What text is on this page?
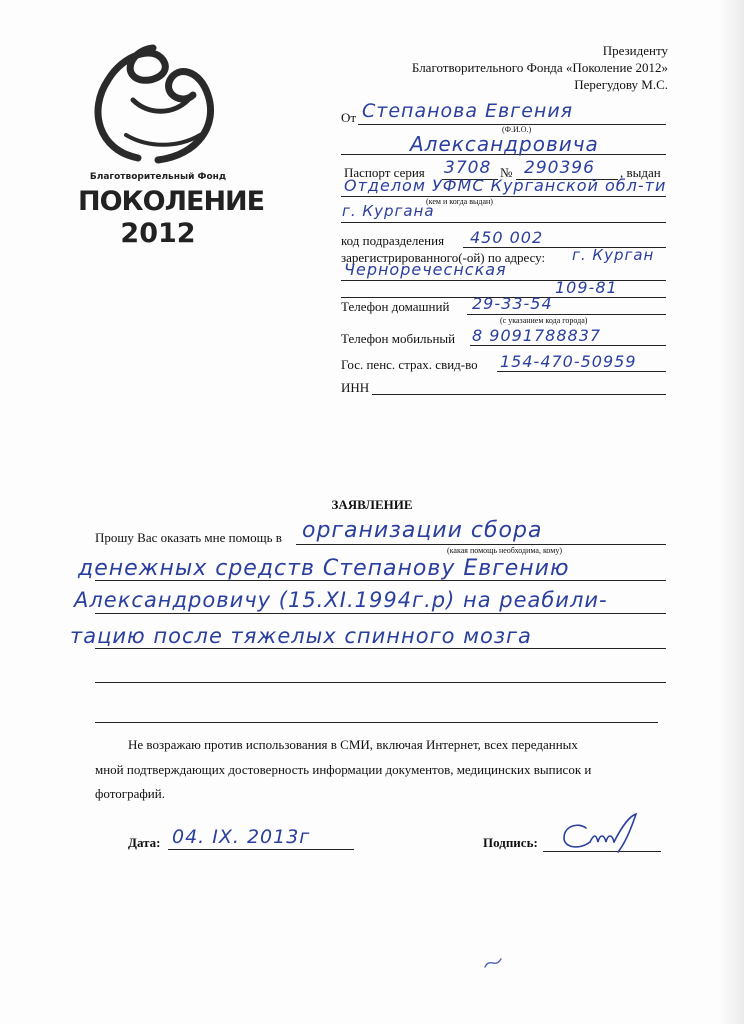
Благотворительный Фонд
ПОКОЛЕНИЕ
2012
Президенту
Благотворительного Фонда «Поколение 2012»
Перегудову М.С.
От Степанова Евгения
(Ф.И.О.)
Александровича
Паспорт серия 3708 № 290396 , выдан
Отделом УФМС Курганской обл-ти
(кем и когда выдан)
г. Кургана
код подразделения 450 002
зарегистрированного(-ой) по адресу: г. Курган
Черноречеснская
109-81
Телефон домашний 29-33-54
(с указанием кода города)
Телефон мобильный 8 9091788837
Гос. пенс. страх. свид-во 154-470-50959
ИНН
ЗАЯВЛЕНИЕ
Прошу Вас оказать мне помощь в организации сбора
(какая помощь необходима, кому)
денежных средств Степанову Евгению
Александровичу (15.XI.1994г.р) на реабили-
тацию после тяжелых спинного мозга
Не возражаю против использования в СМИ, включая Интернет, всех переданных
мной подтверждающих достоверность информации документов, медицинских выписок и
фотографий.
Дата: 04. IX. 2013г	Подпись:
